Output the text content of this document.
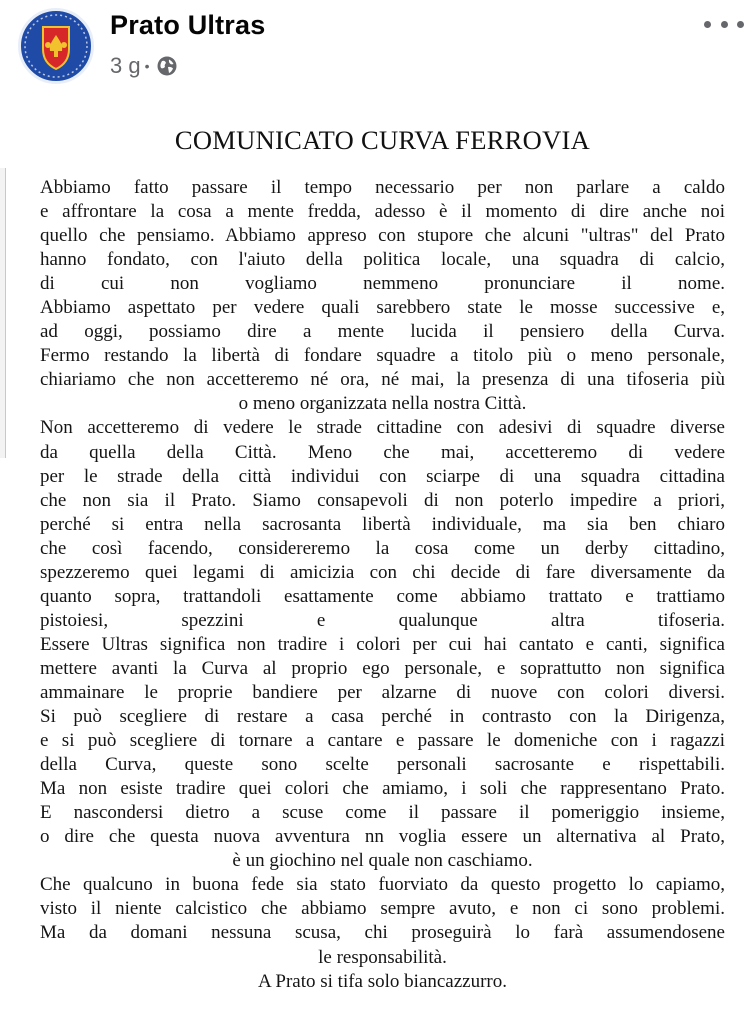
Prato Ultras
3 g •
COMUNICATO CURVA FERROVIA
Abbiamo fatto passare il tempo necessario per non parlare a caldo
e affrontare la cosa a mente fredda, adesso è il momento di dire anche noi
quello che pensiamo. Abbiamo appreso con stupore che alcuni "ultras" del Prato
hanno fondato, con l'aiuto della politica locale, una squadra di calcio,
di cui non vogliamo nemmeno pronunciare il nome.
Abbiamo aspettato per vedere quali sarebbero state le mosse successive e,
ad oggi, possiamo dire a mente lucida il pensiero della Curva.
Fermo restando la libertà di fondare squadre a titolo più o meno personale,
chiariamo che non accetteremo né ora, né mai, la presenza di una tifoseria più
o meno organizzata nella nostra Città.
Non accetteremo di vedere le strade cittadine con adesivi di squadre diverse
da quella della Città. Meno che mai, accetteremo di vedere
per le strade della città individui con sciarpe di una squadra cittadina
che non sia il Prato. Siamo consapevoli di non poterlo impedire a priori,
perché si entra nella sacrosanta libertà individuale, ma sia ben chiaro
che così facendo, considereremo la cosa come un derby cittadino,
spezzeremo quei legami di amicizia con chi decide di fare diversamente da
quanto sopra, trattandoli esattamente come abbiamo trattato e trattiamo
pistoiesi, spezzini e qualunque altra tifoseria.
Essere Ultras significa non tradire i colori per cui hai cantato e canti, significa
mettere avanti la Curva al proprio ego personale, e soprattutto non significa
ammainare le proprie bandiere per alzarne di nuove con colori diversi.
Si può scegliere di restare a casa perché in contrasto con la Dirigenza,
e si può scegliere di tornare a cantare e passare le domeniche con i ragazzi
della Curva, queste sono scelte personali sacrosante e rispettabili.
Ma non esiste tradire quei colori che amiamo, i soli che rappresentano Prato.
E nascondersi dietro a scuse come il passare il pomeriggio insieme,
o dire che questa nuova avventura nn voglia essere un alternativa al Prato,
è un giochino nel quale non caschiamo.
Che qualcuno in buona fede sia stato fuorviato da questo progetto lo capiamo,
visto il niente calcistico che abbiamo sempre avuto, e non ci sono problemi.
Ma da domani nessuna scusa, chi proseguirà lo farà assumendosene
le responsabilità.
A Prato si tifa solo biancazzurro.
